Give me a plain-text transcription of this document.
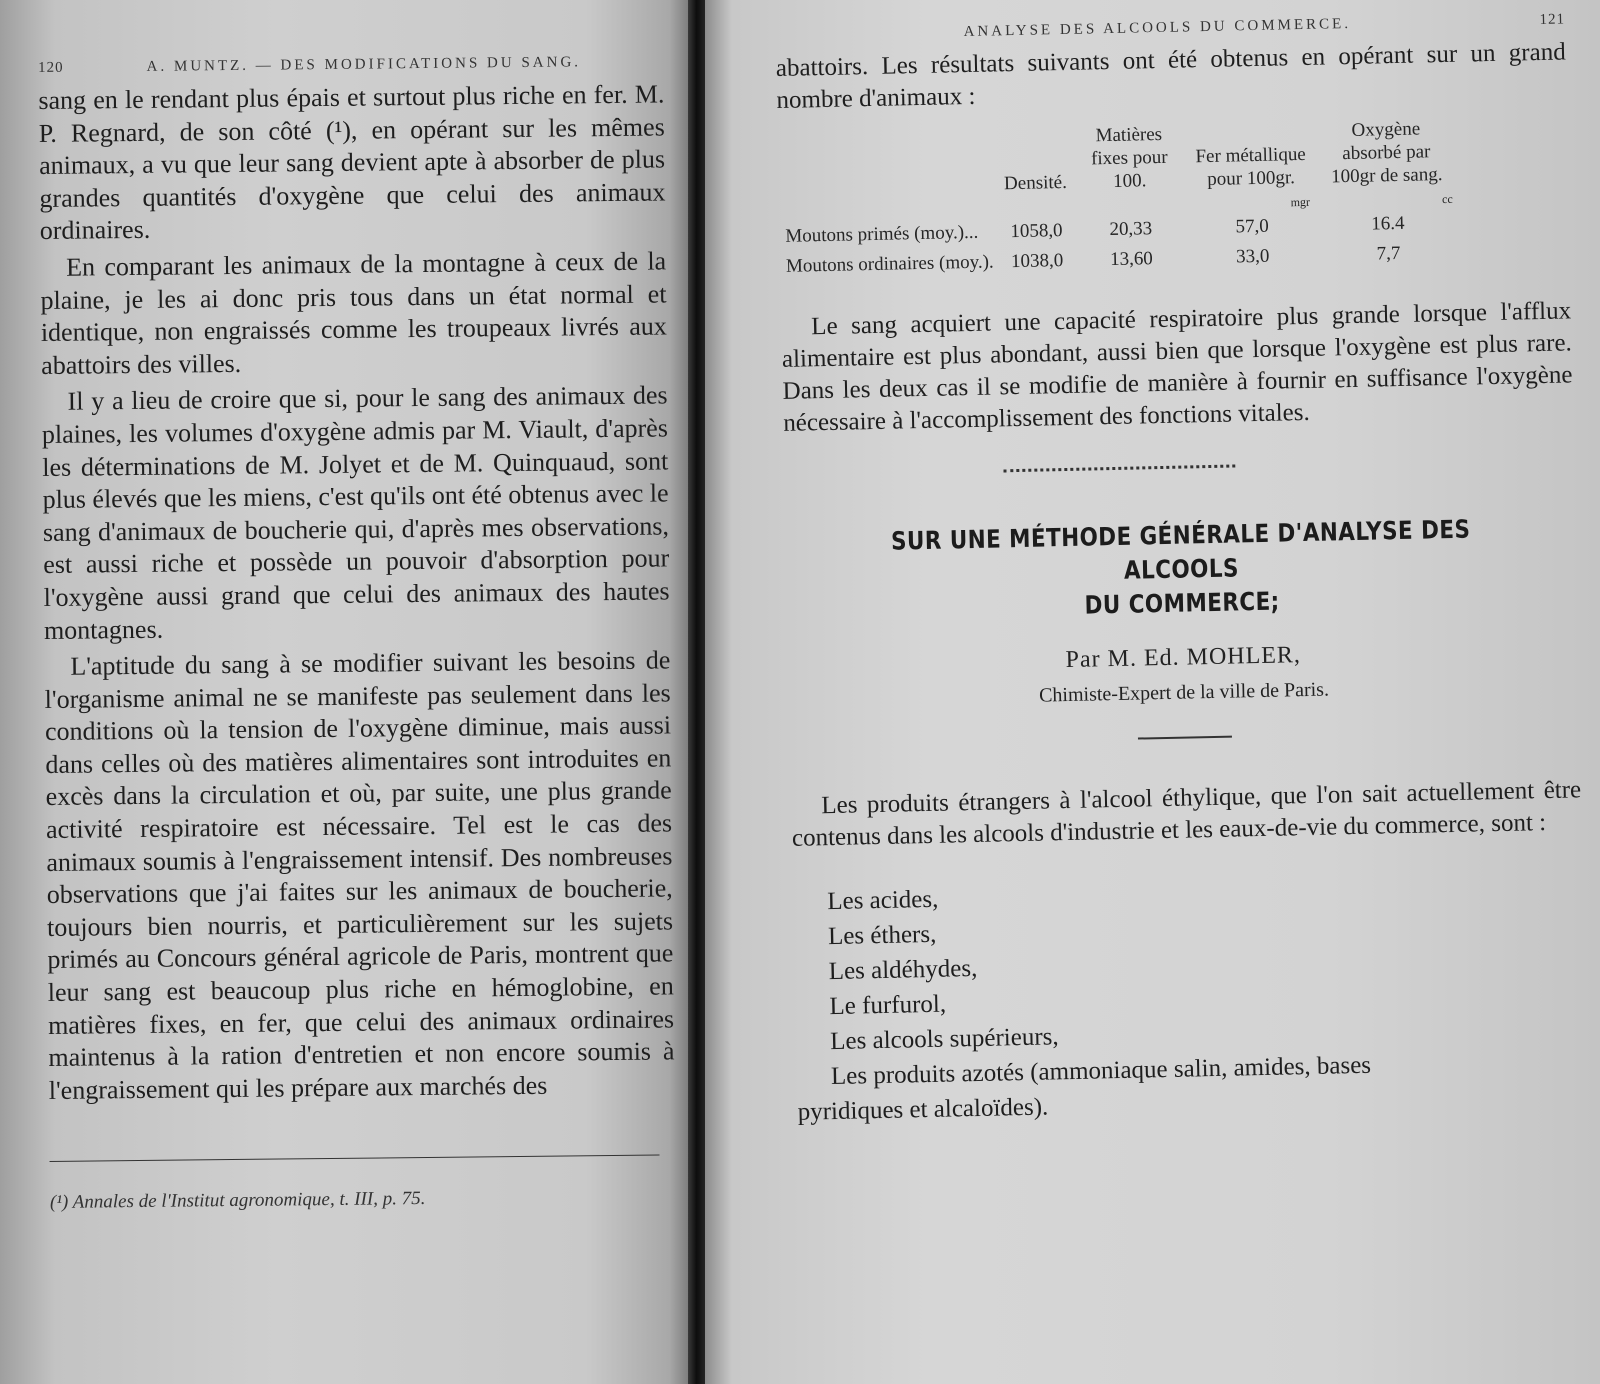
120	A. MUNTZ. — DES MODIFICATIONS DU SANG.

sang en le rendant plus épais et surtout plus riche en fer. M. P. Regnard, de son côté (¹), en opérant sur les mêmes animaux, a vu que leur sang devient apte à absorber de plus grandes quantités d'oxygène que celui des animaux ordinaires.

En comparant les animaux de la montagne à ceux de la plaine, je les ai donc pris tous dans un état normal et identique, non engraissés comme les troupeaux livrés aux abattoirs des villes.

Il y a lieu de croire que si, pour le sang des animaux des plaines, les volumes d'oxygène admis par M. Viault, d'après les déterminations de M. Jolyet et de M. Quinquaud, sont plus élevés que les miens, c'est qu'ils ont été obtenus avec le sang d'animaux de boucherie qui, d'après mes observations, est aussi riche et possède un pouvoir d'absorption pour l'oxygène aussi grand que celui des animaux des hautes montagnes.

L'aptitude du sang à se modifier suivant les besoins de l'organisme animal ne se manifeste pas seulement dans les conditions où la tension de l'oxygène diminue, mais aussi dans celles où des matières alimentaires sont introduites en excès dans la circulation et où, par suite, une plus grande activité respiratoire est nécessaire. Tel est le cas des animaux soumis à l'engraissement intensif. Des nombreuses observations que j'ai faites sur les animaux de boucherie, toujours bien nourris, et particulièrement sur les sujets primés au Concours général agricole de Paris, montrent que leur sang est beaucoup plus riche en hémoglobine, en matières fixes, en fer, que celui des animaux ordinaires maintenus à la ration d'entretien et non encore soumis à l'engraissement qui les prépare aux marchés des

(¹) Annales de l'Institut agronomique, t. III, p. 75.

ANALYSE DES ALCOOLS DU COMMERCE.	121

abattoirs. Les résultats suivants ont été obtenus en opérant sur un grand nombre d'animaux :

	Densité.	Matières fixes pour 100.	Fer métallique pour 100gr.	Oxygène absorbé par 100gr de sang.
			mgr	cc
Moutons primés (moy.)...	1058,0	20,33	57,0	16.4
Moutons ordinaires (moy.).	1038,0	13,60	33,0	7,7

Le sang acquiert une capacité respiratoire plus grande lorsque l'afflux alimentaire est plus abondant, aussi bien que lorsque l'oxygène est plus rare. Dans les deux cas il se modifie de manière à fournir en suffisance l'oxygène nécessaire à l'accomplissement des fonctions vitales.

SUR UNE MÉTHODE GÉNÉRALE D'ANALYSE DES ALCOOLS
DU COMMERCE;

Par M. Ed. MOHLER,

Chimiste-Expert de la ville de Paris.

Les produits étrangers à l'alcool éthylique, que l'on sait actuellement être contenus dans les alcools d'industrie et les eaux-de-vie du commerce, sont :

Les acides,
Les éthers,
Les aldéhydes,
Le furfurol,
Les alcools supérieurs,
Les produits azotés (ammoniaque salin, amides, bases
pyridiques et alcaloïdes).
